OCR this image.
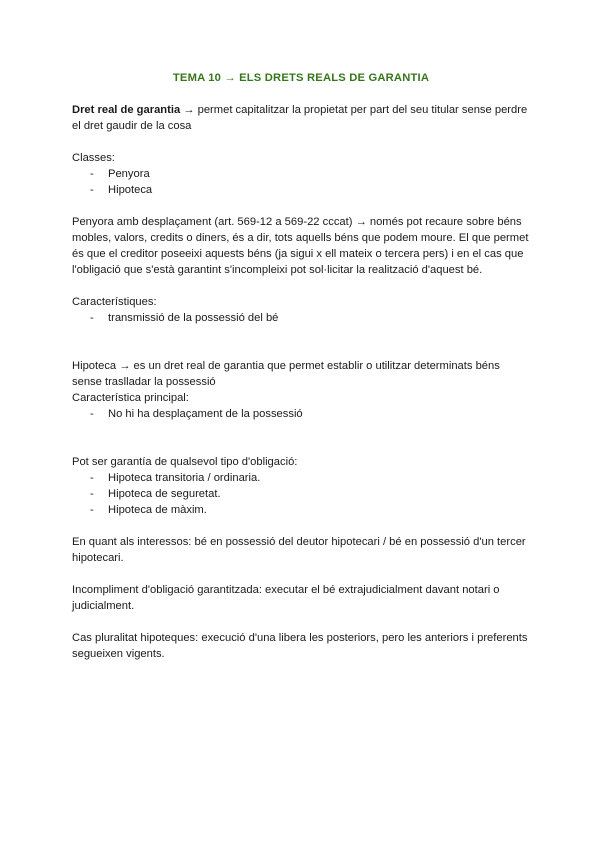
TEMA 10 → ELS DRETS REALS DE GARANTIA

Dret real de garantia → permet capitalitzar la propietat per part del seu titular sense perdre el dret gaudir de la cosa

Classes:

- Penyora
- Hipoteca

Penyora amb desplaçament (art. 569-12 a 569-22 cccat) → només pot recaure sobre béns mobles, valors, credits o diners, és a dir, tots aquells béns que podem moure. El que permet és que el creditor poseeixi aquests béns (ja sigui x ell mateix o tercera pers) i en el cas que l'obligació que s'està garantint s'incompleixi pot sol·licitar la realització d'aquest bé.

Característiques:

- transmissió de la possessió del bé

Hipoteca → es un dret real de garantia que permet establir o utilitzar determinats béns sense traslladar la possessió

Característica principal:

- No hi ha desplaçament de la possessió

Pot ser garantía de qualsevol tipo d'obligació:

- Hipoteca transitoria / ordinaria.
- Hipoteca de seguretat.
- Hipoteca de màxim.

En quant als interessos: bé en possessió del deutor hipotecari / bé en possessió d'un tercer hipotecari.

Incompliment d'obligació garantitzada: executar el bé extrajudicialment davant notari o judicialment.

Cas pluralitat hipoteques: execució d'una libera les posteriors, pero les anteriors i preferents segueixen vigents.
